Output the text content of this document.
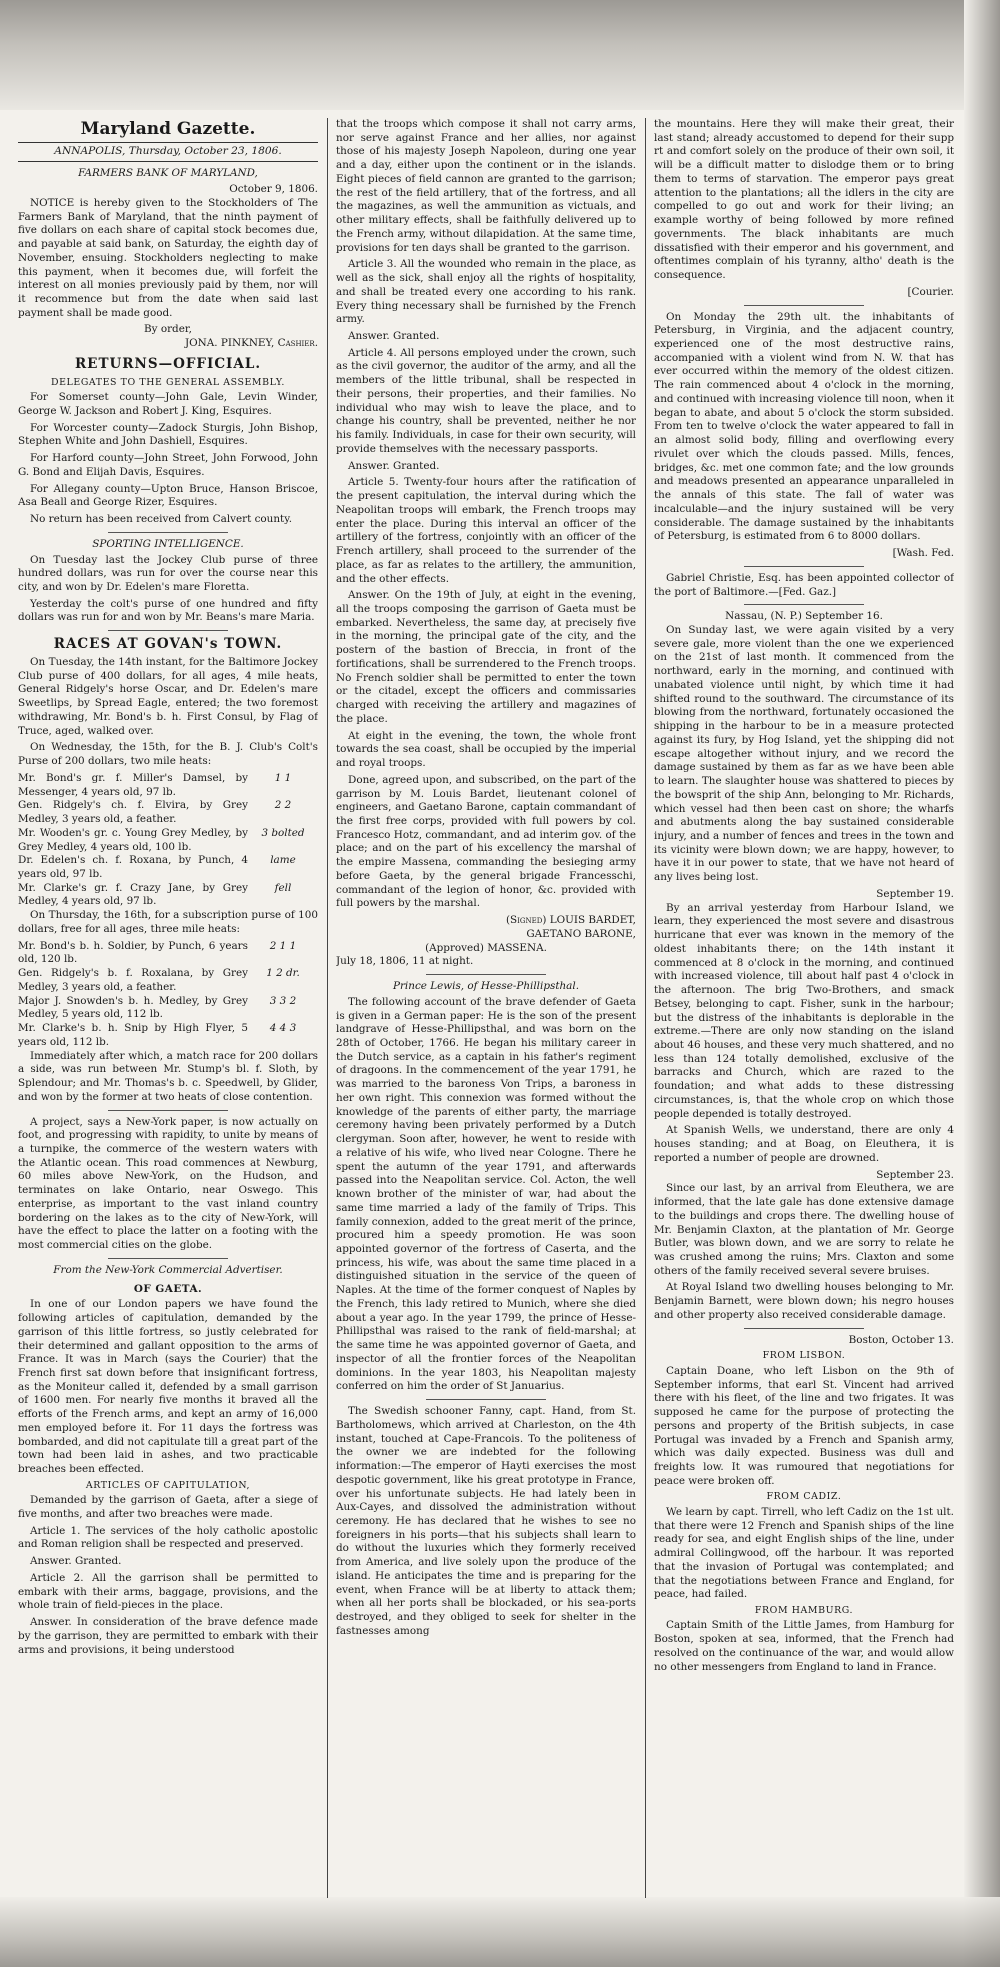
Maryland Gazette.
ANNAPOLIS, Thursday, October 23, 1806.
FARMERS BANK OF MARYLAND,
October 9, 1806.

NOTICE is hereby given to the Stockholders of The Farmers Bank of Maryland, that the ninth payment of five dollars on each share of capital stock becomes due, and payable at said bank, on Saturday, the eighth day of November, ensuing. Stockholders neglecting to make this payment, when it becomes due, will forfeit the interest on all monies previously paid by them, nor will it recommence but from the date when said last payment shall be made good.

By order,
JONA. PINKNEY, Cashier.
RETURNS—OFFICIAL.
DELEGATES TO THE GENERAL ASSEMBLY.

For Somerset county—John Gale, Levin Winder, George W. Jackson and Robert J. King, Esquires.

For Worcester county—Zadock Sturgis, John Bishop, Stephen White and John Dashiell, Esquires.

For Harford county—John Street, John Forwood, John G. Bond and Elijah Davis, Esquires.

For Allegany county—Upton Bruce, Hanson Briscoe, Asa Beall and George Rizer, Esquires.

No return has been received from Calvert county.

SPORTING INTELLIGENCE.

On Tuesday last the Jockey Club purse of three hundred dollars, was run for over the course near this city, and won by Dr. Edelen's mare Floretta.

Yesterday the colt's purse of one hundred and fifty dollars was run for and won by Mr. Beans's mare Maria.

RACES AT GOVAN's TOWN.

On Tuesday, the 14th instant, for the Baltimore Jockey Club purse of 400 dollars, for all ages, 4 mile heats, General Ridgely's horse Oscar, and Dr. Edelen's mare Sweetlips, by Spread Eagle, entered; the two foremost withdrawing, Mr. Bond's b. h. First Consul, by Flag of Truce, aged, walked over.

On Wednesday, the 15th, for the B. J. Club's Colt's Purse of 200 dollars, two mile heats:

Mr. Bond's gr. f. Miller's Damsel, by Messenger, 4 years old, 97 lb.
1 1
Gen. Ridgely's ch. f. Elvira, by Grey Medley, 3 years old, a feather.
2 2
Mr. Wooden's gr. c. Young Grey Medley, by Grey Medley, 4 years old, 100 lb.
3 bolted
Dr. Edelen's ch. f. Roxana, by Punch, 4 years old, 97 lb.
lame
Mr. Clarke's gr. f. Crazy Jane, by Grey Medley, 4 years old, 97 lb.
fell

On Thursday, the 16th, for a subscription purse of 100 dollars, free for all ages, three mile heats:

Mr. Bond's b. h. Soldier, by Punch, 6 years old, 120 lb.
2 1 1
Gen. Ridgely's b. f. Roxalana, by Grey Medley, 3 years old, a feather.
1 2 dr.
Major J. Snowden's b. h. Medley, by Grey Medley, 5 years old, 112 lb.
3 3 2
Mr. Clarke's b. h. Snip by High Flyer, 5 years old, 112 lb.
4 4 3

Immediately after which, a match race for 200 dollars a side, was run between Mr. Stump's bl. f. Sloth, by Splendour; and Mr. Thomas's b. c. Speedwell, by Glider, and won by the former at two heats of close contention.

A project, says a New-York paper, is now actually on foot, and progressing with rapidity, to unite by means of a turnpike, the commerce of the western waters with the Atlantic ocean. This road commences at Newburg, 60 miles above New-York, on the Hudson, and terminates on lake Ontario, near Oswego. This enterprise, as important to the vast inland country bordering on the lakes as to the city of New-York, will have the effect to place the latter on a footing with the most commercial cities on the globe.

From the New-York Commercial Advertiser.
OF GAETA.

In one of our London papers we have found the following articles of capitulation, demanded by the garrison of this little fortress, so justly celebrated for their determined and gallant opposition to the arms of France. It was in March (says the Courier) that the French first sat down before that insignificant fortress, as the Moniteur called it, defended by a small garrison of 1600 men. For nearly five months it braved all the efforts of the French arms, and kept an army of 16,000 men employed before it. For 11 days the fortress was bombarded, and did not capitulate till a great part of the town had been laid in ashes, and two practicable breaches been effected.

ARTICLES OF CAPITULATION,

Demanded by the garrison of Gaeta, after a siege of five months, and after two breaches were made.

Article 1. The services of the holy catholic apostolic and Roman religion shall be respected and preserved.

Answer. Granted.

Article 2. All the garrison shall be permitted to embark with their arms, baggage, provisions, and the whole train of field-pieces in the place.

Answer. In consideration of the brave defence made by the garrison, they are permitted to embark with their arms and provisions, it being understood

that the troops which compose it shall not carry arms, nor serve against France and her allies, nor against those of his majesty Joseph Napoleon, during one year and a day, either upon the continent or in the islands. Eight pieces of field cannon are granted to the garrison; the rest of the field artillery, that of the fortress, and all the magazines, as well the ammunition as victuals, and other military effects, shall be faithfully delivered up to the French army, without dilapidation. At the same time, provisions for ten days shall be granted to the garrison.

Article 3. All the wounded who remain in the place, as well as the sick, shall enjoy all the rights of hospitality, and shall be treated every one according to his rank. Every thing necessary shall be furnished by the French army.

Answer. Granted.

Article 4. All persons employed under the crown, such as the civil governor, the auditor of the army, and all the members of the little tribunal, shall be respected in their persons, their properties, and their families. No individual who may wish to leave the place, and to change his country, shall be prevented, neither he nor his family. Individuals, in case for their own security, will provide themselves with the necessary passports.

Answer. Granted.

Article 5. Twenty-four hours after the ratification of the present capitulation, the interval during which the Neapolitan troops will embark, the French troops may enter the place. During this interval an officer of the artillery of the fortress, conjointly with an officer of the French artillery, shall proceed to the surrender of the place, as far as relates to the artillery, the ammunition, and the other effects.

Answer. On the 19th of July, at eight in the evening, all the troops composing the garrison of Gaeta must be embarked. Nevertheless, the same day, at precisely five in the morning, the principal gate of the city, and the postern of the bastion of Breccia, in front of the fortifications, shall be surrendered to the French troops. No French soldier shall be permitted to enter the town or the citadel, except the officers and commissaries charged with receiving the artillery and magazines of the place.

At eight in the evening, the town, the whole front towards the sea coast, shall be occupied by the imperial and royal troops.

Done, agreed upon, and subscribed, on the part of the garrison by M. Louis Bardet, lieutenant colonel of engineers, and Gaetano Barone, captain commandant of the first free corps, provided with full powers by col. Francesco Hotz, commandant, and ad interim gov. of the place; and on the part of his excellency the marshal of the empire Massena, commanding the besieging army before Gaeta, by the general brigade Francesschi, commandant of the legion of honor, &c. provided with full powers by the marshal.

(Signed) LOUIS BARDET,
GAETANO BARONE,
(Approved) MASSENA.
July 18, 1806, 11 at night.
Prince Lewis, of Hesse-Phillipsthal.

The following account of the brave defender of Gaeta is given in a German paper: He is the son of the present landgrave of Hesse-Phillipsthal, and was born on the 28th of October, 1766. He began his military career in the Dutch service, as a captain in his father's regiment of dragoons. In the commencement of the year 1791, he was married to the baroness Von Trips, a baroness in her own right. This connexion was formed without the knowledge of the parents of either party, the marriage ceremony having been privately performed by a Dutch clergyman. Soon after, however, he went to reside with a relative of his wife, who lived near Cologne. There he spent the autumn of the year 1791, and afterwards passed into the Neapolitan service. Col. Acton, the well known brother of the minister of war, had about the same time married a lady of the family of Trips. This family connexion, added to the great merit of the prince, procured him a speedy promotion. He was soon appointed governor of the fortress of Caserta, and the princess, his wife, was about the same time placed in a distinguished situation in the service of the queen of Naples. At the time of the former conquest of Naples by the French, this lady retired to Munich, where she died about a year ago. In the year 1799, the prince of Hesse-Phillipsthal was raised to the rank of field-marshal; at the same time he was appointed governor of Gaeta, and inspector of all the frontier forces of the Neapolitan dominions. In the year 1803, his Neapolitan majesty conferred on him the order of St Januarius.

The Swedish schooner Fanny, capt. Hand, from St. Bartholomews, which arrived at Charleston, on the 4th instant, touched at Cape-Francois. To the politeness of the owner we are indebted for the following information:—The emperor of Hayti exercises the most despotic government, like his great prototype in France, over his unfortunate subjects. He had lately been in Aux-Cayes, and dissolved the administration without ceremony. He has declared that he wishes to see no foreigners in his ports—that his subjects shall learn to do without the luxuries which they formerly received from America, and live solely upon the produce of the island. He anticipates the time and is preparing for the event, when France will be at liberty to attack them; when all her ports shall be blockaded, or his sea-ports destroyed, and they obliged to seek for shelter in the fastnesses among

the mountains. Here they will make their great, their last stand; already accustomed to depend for their supp rt and comfort solely on the produce of their own soil, it will be a difficult matter to dislodge them or to bring them to terms of starvation. The emperor pays great attention to the plantations; all the idlers in the city are compelled to go out and work for their living; an example worthy of being followed by more refined governments. The black inhabitants are much dissatisfied with their emperor and his government, and oftentimes complain of his tyranny, altho' death is the consequence.

[Courier.

On Monday the 29th ult. the inhabitants of Petersburg, in Virginia, and the adjacent country, experienced one of the most destructive rains, accompanied with a violent wind from N. W. that has ever occurred within the memory of the oldest citizen. The rain commenced about 4 o'clock in the morning, and continued with increasing violence till noon, when it began to abate, and about 5 o'clock the storm subsided. From ten to twelve o'clock the water appeared to fall in an almost solid body, filling and overflowing every rivulet over which the clouds passed. Mills, fences, bridges, &c. met one common fate; and the low grounds and meadows presented an appearance unparalleled in the annals of this state. The fall of water was incalculable—and the injury sustained will be very considerable. The damage sustained by the inhabitants of Petersburg, is estimated from 6 to 8000 dollars.

[Wash. Fed.

Gabriel Christie, Esq. has been appointed collector of the port of Baltimore.—[Fed. Gaz.]

Nassau, (N. P.) September 16.

On Sunday last, we were again visited by a very severe gale, more violent than the one we experienced on the 21st of last month. It commenced from the northward, early in the morning, and continued with unabated violence until night, by which time it had shifted round to the southward. The circumstance of its blowing from the northward, fortunately occasioned the shipping in the harbour to be in a measure protected against its fury, by Hog Island, yet the shipping did not escape altogether without injury, and we record the damage sustained by them as far as we have been able to learn. The slaughter house was shattered to pieces by the bowsprit of the ship Ann, belonging to Mr. Richards, which vessel had then been cast on shore; the wharfs and abutments along the bay sustained considerable injury, and a number of fences and trees in the town and its vicinity were blown down; we are happy, however, to have it in our power to state, that we have not heard of any lives being lost.

September 19.

By an arrival yesterday from Harbour Island, we learn, they experienced the most severe and disastrous hurricane that ever was known in the memory of the oldest inhabitants there; on the 14th instant it commenced at 8 o'clock in the morning, and continued with increased violence, till about half past 4 o'clock in the afternoon. The brig Two-Brothers, and smack Betsey, belonging to capt. Fisher, sunk in the harbour; but the distress of the inhabitants is deplorable in the extreme.—There are only now standing on the island about 46 houses, and these very much shattered, and no less than 124 totally demolished, exclusive of the barracks and Church, which are razed to the foundation; and what adds to these distressing circumstances, is, that the whole crop on which those people depended is totally destroyed.

At Spanish Wells, we understand, there are only 4 houses standing; and at Boag, on Eleuthera, it is reported a number of people are drowned.

September 23.

Since our last, by an arrival from Eleuthera, we are informed, that the late gale has done extensive damage to the buildings and crops there. The dwelling house of Mr. Benjamin Claxton, at the plantation of Mr. George Butler, was blown down, and we are sorry to relate he was crushed among the ruins; Mrs. Claxton and some others of the family received several severe bruises.

At Royal Island two dwelling houses belonging to Mr. Benjamin Barnett, were blown down; his negro houses and other property also received considerable damage.

Boston, October 13.
FROM LISBON.

Captain Doane, who left Lisbon on the 9th of September informs, that earl St. Vincent had arrived there with his fleet, of the line and two frigates. It was supposed he came for the purpose of protecting the persons and property of the British subjects, in case Portugal was invaded by a French and Spanish army, which was daily expected. Business was dull and freights low. It was rumoured that negotiations for peace were broken off.

FROM CADIZ.

We learn by capt. Tirrell, who left Cadiz on the 1st ult. that there were 12 French and Spanish ships of the line ready for sea, and eight English ships of the line, under admiral Collingwood, off the harbour. It was reported that the invasion of Portugal was contemplated; and that the negotiations between France and England, for peace, had failed.

FROM HAMBURG.

Captain Smith of the Little James, from Hamburg for Boston, spoken at sea, informed, that the French had resolved on the continuance of the war, and would allow no other messengers from England to land in France.
